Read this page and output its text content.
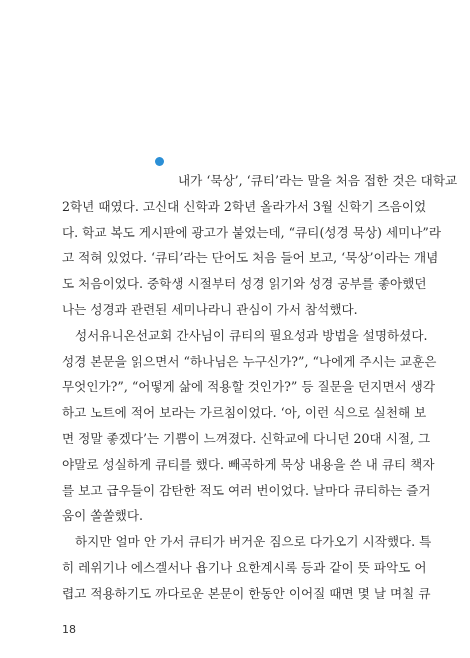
내가 ‘묵상’, ‘큐티’라는 말을 처음 접한 것은 대학교
2학년 때였다. 고신대 신학과 2학년 올라가서 3월 신학기 즈음이었
다. 학교 복도 게시판에 광고가 붙었는데, “큐티(성경 묵상) 세미나”라
고 적혀 있었다. ‘큐티’라는 단어도 처음 들어 보고, ‘묵상’이라는 개념
도 처음이었다. 중학생 시절부터 성경 읽기와 성경 공부를 좋아했던
나는 성경과 관련된 세미나라니 관심이 가서 참석했다.
성서유니온선교회 간사님이 큐티의 필요성과 방법을 설명하셨다.
성경 본문을 읽으면서 “하나님은 누구신가?”, “나에게 주시는 교훈은
무엇인가?”, “어떻게 삶에 적용할 것인가?” 등 질문을 던지면서 생각
하고 노트에 적어 보라는 가르침이었다. ‘아, 이런 식으로 실천해 보
면 정말 좋겠다’는 기쁨이 느껴졌다. 신학교에 다니던 20대 시절, 그
야말로 성실하게 큐티를 했다. 빼곡하게 묵상 내용을 쓴 내 큐티 책자
를 보고 급우들이 감탄한 적도 여러 번이었다. 날마다 큐티하는 즐거
움이 쏠쏠했다.
하지만 얼마 안 가서 큐티가 버거운 짐으로 다가오기 시작했다. 특
히 레위기나 에스겔서나 욥기나 요한계시록 등과 같이 뜻 파악도 어
렵고 적용하기도 까다로운 본문이 한동안 이어질 때면 몇 날 며칠 큐
18
